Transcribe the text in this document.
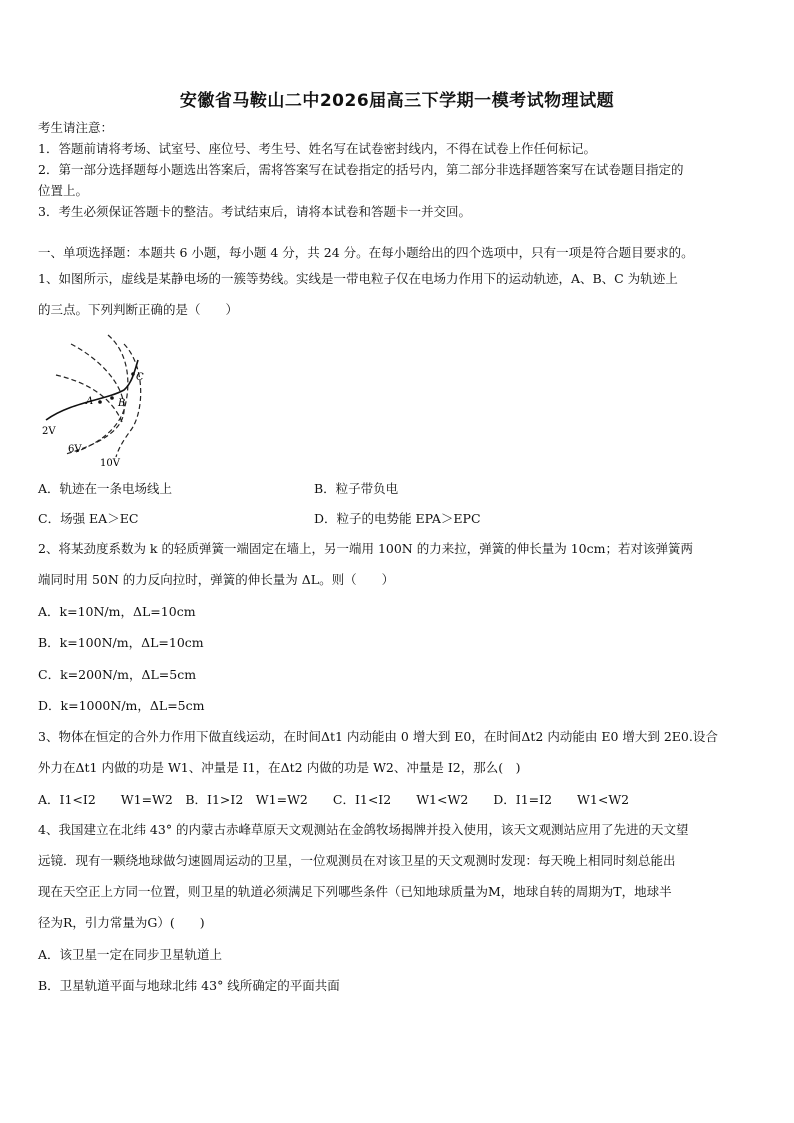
安徽省马鞍山二中2026届高三下学期一模考试物理试题
考生请注意：
1．答题前请将考场、试室号、座位号、考生号、姓名写在试卷密封线内，不得在试卷上作任何标记。
2．第一部分选择题每小题选出答案后，需将答案写在试卷指定的括号内，第二部分非选择题答案写在试卷题目指定的
位置上。
3．考生必须保证答题卡的整洁。考试结束后，请将本试卷和答题卡一并交回。
一、单项选择题：本题共 6 小题，每小题 4 分，共 24 分。在每小题给出的四个选项中，只有一项是符合题目要求的。
1、如图所示，虚线是某静电场的一簇等势线。实线是一带电粒子仅在电场力作用下的运动轨迹，A、B、C 为轨迹上
的三点。下列判断正确的是（　　）
A B
C
2V
6V
10V
A．轨迹在一条电场线上	B．粒子带负电
C．场强 EA＞EC	D．粒子的电势能 EPA＞EPC
2、将某劲度系数为 k 的轻质弹簧一端固定在墙上，另一端用 100N 的力来拉，弹簧的伸长量为 10cm；若对该弹簧两
端同时用 50N 的力反向拉时，弹簧的伸长量为 ΔL。则（　　）
A．k=10N/m，ΔL=10cm
B．k=100N/m，ΔL=10cm
C．k=200N/m，ΔL=5cm
D．k=1000N/m，ΔL=5cm
3、物体在恒定的合外力作用下做直线运动，在时间Δt1 内动能由 0 增大到 E0，在时间Δt2 内动能由 E0 增大到 2E0.设合
外力在Δt1 内做的功是 W1、冲量是 I1，在Δt2 内做的功是 W2、冲量是 I2，那么(　)
A．I1<I2　　W1=W2　B．I1>I2　W1=W2　　C．I1<I2　　W1<W2　　D．I1=I2　　W1<W2
4、我国建立在北纬 43° 的内蒙古赤峰草原天文观测站在金鸽牧场揭牌并投入使用，该天文观测站应用了先进的天文望
远镜．现有一颗绕地球做匀速圆周运动的卫星，一位观测员在对该卫星的天文观测时发现：每天晚上相同时刻总能出
现在天空正上方同一位置，则卫星的轨道必须满足下列哪些条件（已知地球质量为M，地球自转的周期为T，地球半
径为R，引力常量为G）(　　)
A．该卫星一定在同步卫星轨道上
B．卫星轨道平面与地球北纬 43° 线所确定的平面共面
